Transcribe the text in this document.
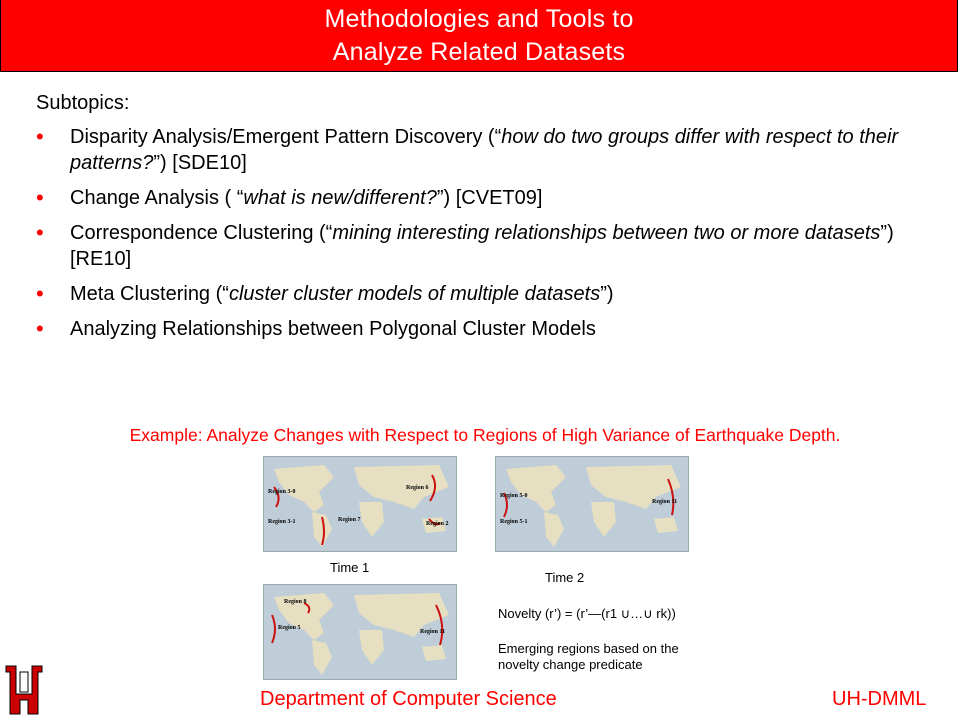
Methodologies and Tools to
Analyze Related Datasets
Subtopics:
• Disparity Analysis/Emergent Pattern Discovery (“how do two groups differ with respect to their patterns?”) [SDE10]
• Change Analysis ( “what is new/different?”) [CVET09]
• Correspondence Clustering (“mining interesting relationships between two or more datasets”) [RE10]
• Meta Clustering (“cluster cluster models of multiple datasets”)
• Analyzing Relationships between Polygonal Cluster Models
Example: Analyze Changes with Respect to Regions of High Variance of Earthquake Depth.
Region 3-0
Region 3-1
Region 6
Region 7
Region 2
Time 1
Region 5-0
Region 5-1
Region 11
Time 2
Region 8
Region 5
Region 11
Novelty (r’) = (r’—(r1 ∪…∪ rk))
Emerging regions based on the
novelty change predicate
Department of Computer Science	UH-DMML
